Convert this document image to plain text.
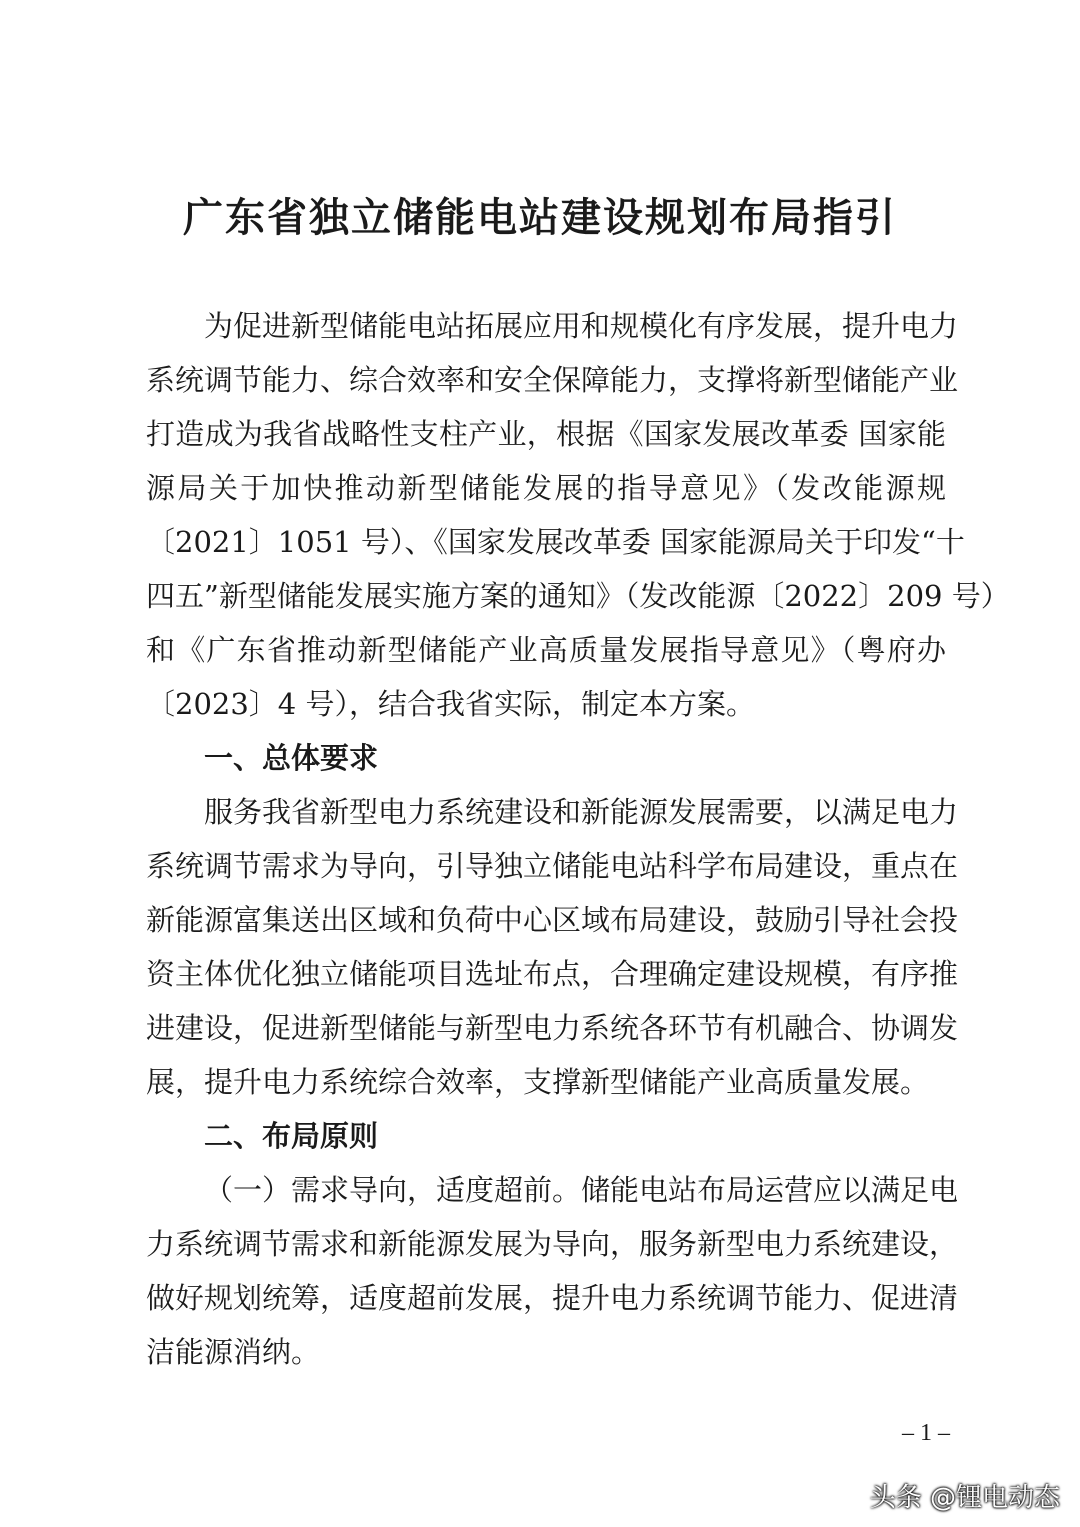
广东省独立储能电站建设规划布局指引
为促进新型储能电站拓展应用和规模化有序发展，提升电力
系统调节能力、综合效率和安全保障能力，支撑将新型储能产业
打造成为我省战略性支柱产业，根据《国家发展改革委 国家能
源局关于加快推动新型储能发展的指导意见》（发改能源规
〔2021〕1051 号）、《国家发展改革委 国家能源局关于印发“十
四五”新型储能发展实施方案的通知》（发改能源〔2022〕209 号）
和《广东省推动新型储能产业高质量发展指导意见》（粤府办
〔2023〕4 号），结合我省实际，制定本方案。
一、总体要求
服务我省新型电力系统建设和新能源发展需要，以满足电力
系统调节需求为导向，引导独立储能电站科学布局建设，重点在
新能源富集送出区域和负荷中心区域布局建设，鼓励引导社会投
资主体优化独立储能项目选址布点，合理确定建设规模，有序推
进建设，促进新型储能与新型电力系统各环节有机融合、协调发
展，提升电力系统综合效率，支撑新型储能产业高质量发展。
二、布局原则
（一）需求导向，适度超前。储能电站布局运营应以满足电
力系统调节需求和新能源发展为导向，服务新型电力系统建设，
做好规划统筹，适度超前发展，提升电力系统调节能力、促进清
洁能源消纳。
– 1 –
头条 @锂电动态
